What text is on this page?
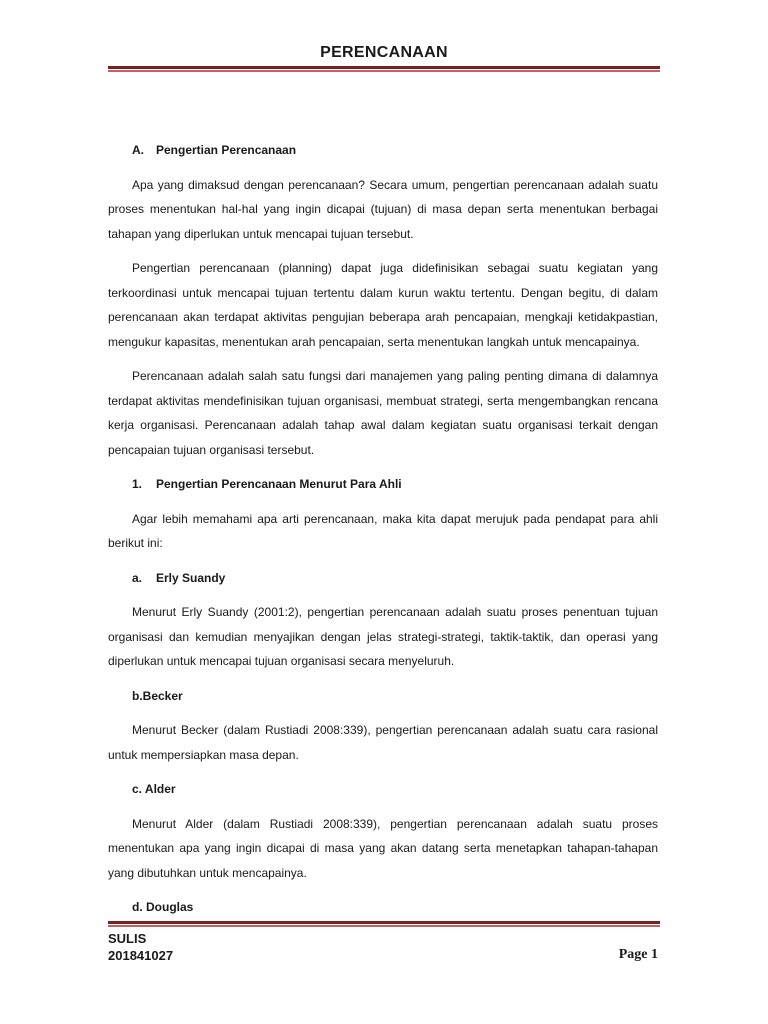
PERENCANAAN
A. Pengertian Perencanaan

Apa yang dimaksud dengan perencanaan? Secara umum, pengertian perencanaan adalah suatu proses menentukan hal-hal yang ingin dicapai (tujuan) di masa depan serta menentukan berbagai tahapan yang diperlukan untuk mencapai tujuan tersebut.

Pengertian perencanaan (planning) dapat juga didefinisikan sebagai suatu kegiatan yang terkoordinasi untuk mencapai tujuan tertentu dalam kurun waktu tertentu. Dengan begitu, di dalam perencanaan akan terdapat aktivitas pengujian beberapa arah pencapaian, mengkaji ketidakpastian, mengukur kapasitas, menentukan arah pencapaian, serta menentukan langkah untuk mencapainya.

Perencanaan adalah salah satu fungsi dari manajemen yang paling penting dimana di dalamnya terdapat aktivitas mendefinisikan tujuan organisasi, membuat strategi, serta mengembangkan rencana kerja organisasi. Perencanaan adalah tahap awal dalam kegiatan suatu organisasi terkait dengan pencapaian tujuan organisasi tersebut.

1. Pengertian Perencanaan Menurut Para Ahli

Agar lebih memahami apa arti perencanaan, maka kita dapat merujuk pada pendapat para ahli berikut ini:

a. Erly Suandy

Menurut Erly Suandy (2001:2), pengertian perencanaan adalah suatu proses penentuan tujuan organisasi dan kemudian menyajikan dengan jelas strategi-strategi, taktik-taktik, dan operasi yang diperlukan untuk mencapai tujuan organisasi secara menyeluruh.

b.Becker

Menurut Becker (dalam Rustiadi 2008:339), pengertian perencanaan adalah suatu cara rasional untuk mempersiapkan masa depan.

c. Alder

Menurut Alder (dalam Rustiadi 2008:339), pengertian perencanaan adalah suatu proses menentukan apa yang ingin dicapai di masa yang akan datang serta menetapkan tahapan-tahapan yang dibutuhkan untuk mencapainya.

d. Douglas
SULIS
201841027	Page 1
